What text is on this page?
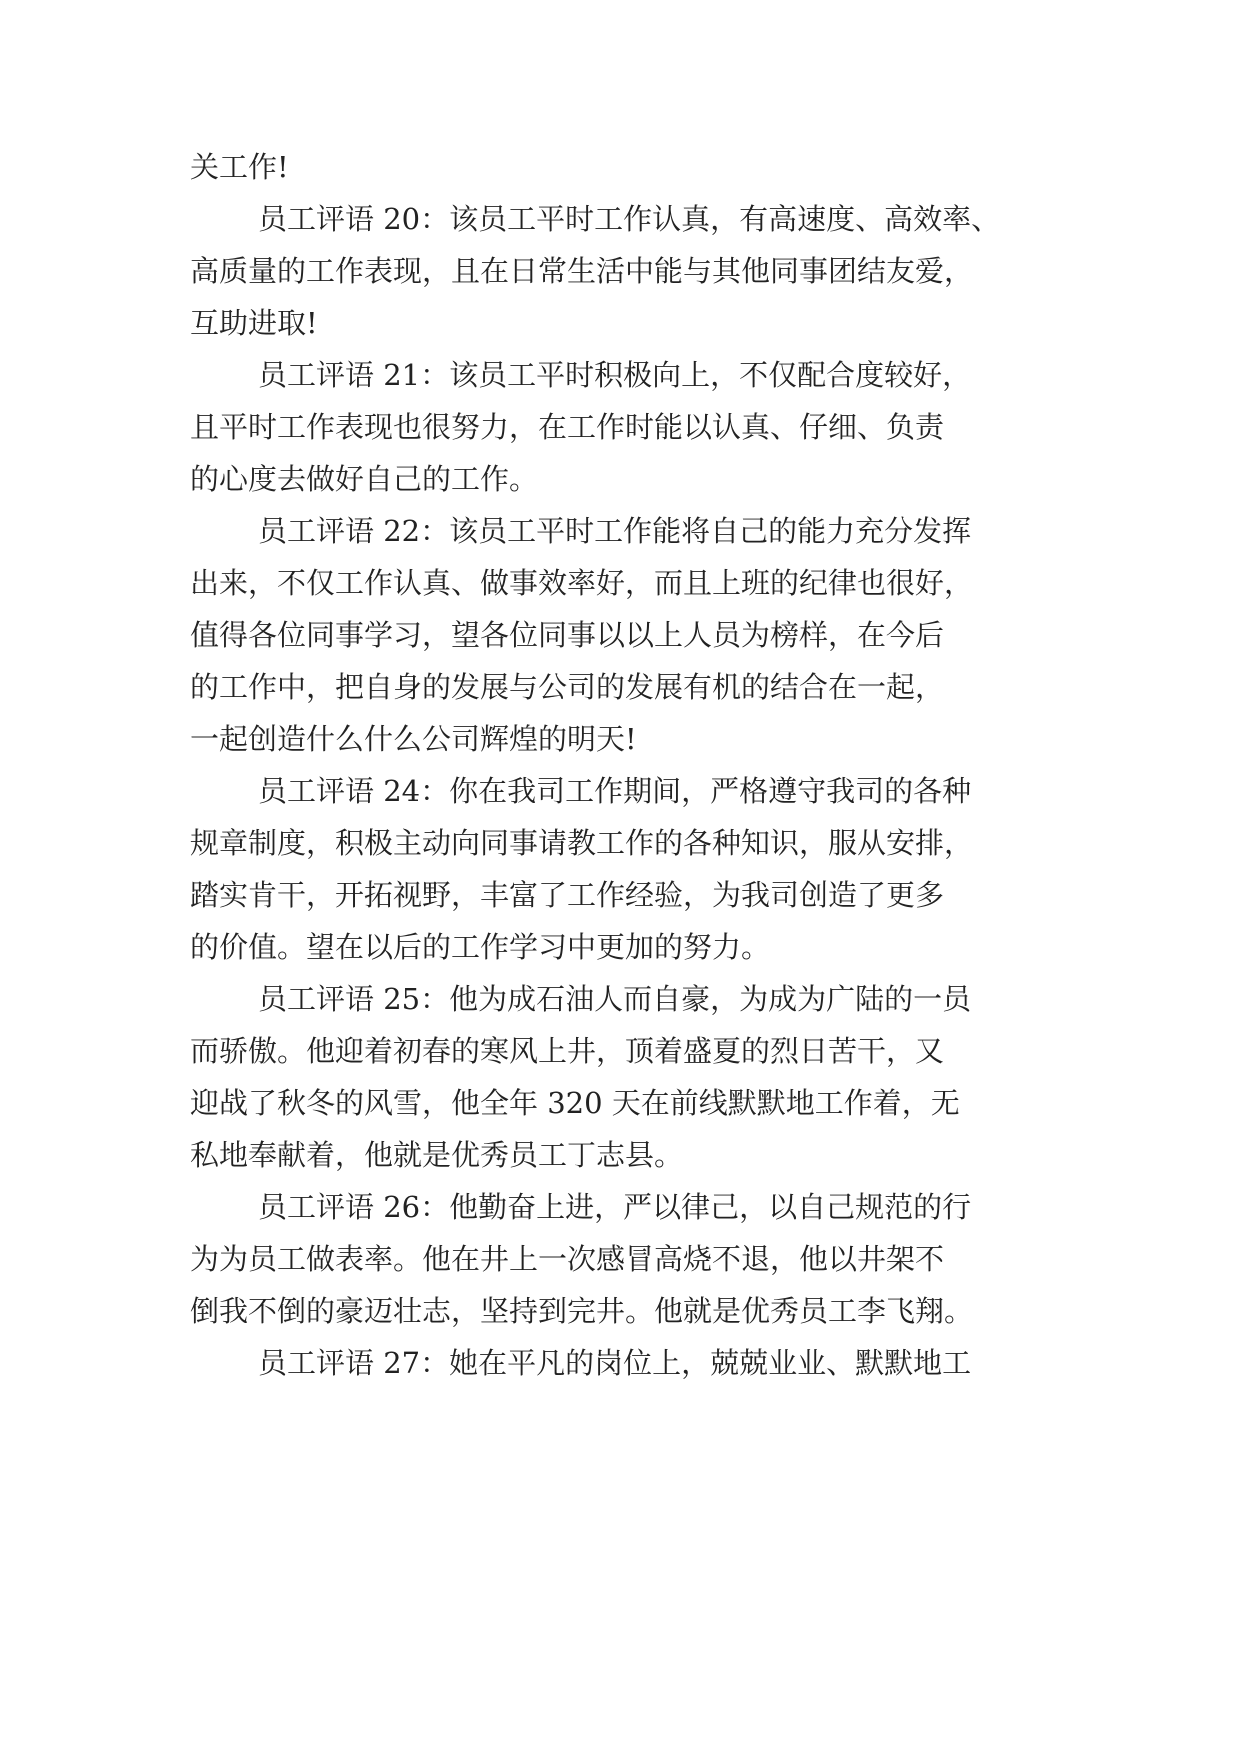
关工作!
员工评语 20：该员工平时工作认真，有高速度、高效率、
高质量的工作表现，且在日常生活中能与其他同事团结友爱，
互助进取!
员工评语 21：该员工平时积极向上，不仅配合度较好，
且平时工作表现也很努力，在工作时能以认真、仔细、负责
的心度去做好自己的工作。
员工评语 22：该员工平时工作能将自己的能力充分发挥
出来，不仅工作认真、做事效率好，而且上班的纪律也很好，
值得各位同事学习，望各位同事以以上人员为榜样，在今后
的工作中，把自身的发展与公司的发展有机的结合在一起，
一起创造什么什么公司辉煌的明天!
员工评语 24：你在我司工作期间，严格遵守我司的各种
规章制度，积极主动向同事请教工作的各种知识，服从安排，
踏实肯干，开拓视野，丰富了工作经验，为我司创造了更多
的价值。望在以后的工作学习中更加的努力。
员工评语 25：他为成石油人而自豪，为成为广陆的一员
而骄傲。他迎着初春的寒风上井，顶着盛夏的烈日苦干，又
迎战了秋冬的风雪，他全年 320 天在前线默默地工作着，无
私地奉献着，他就是优秀员工丁志县。
员工评语 26：他勤奋上进，严以律己，以自己规范的行
为为员工做表率。他在井上一次感冒高烧不退，他以井架不
倒我不倒的豪迈壮志，坚持到完井。他就是优秀员工李飞翔。
员工评语 27：她在平凡的岗位上，兢兢业业、默默地工
